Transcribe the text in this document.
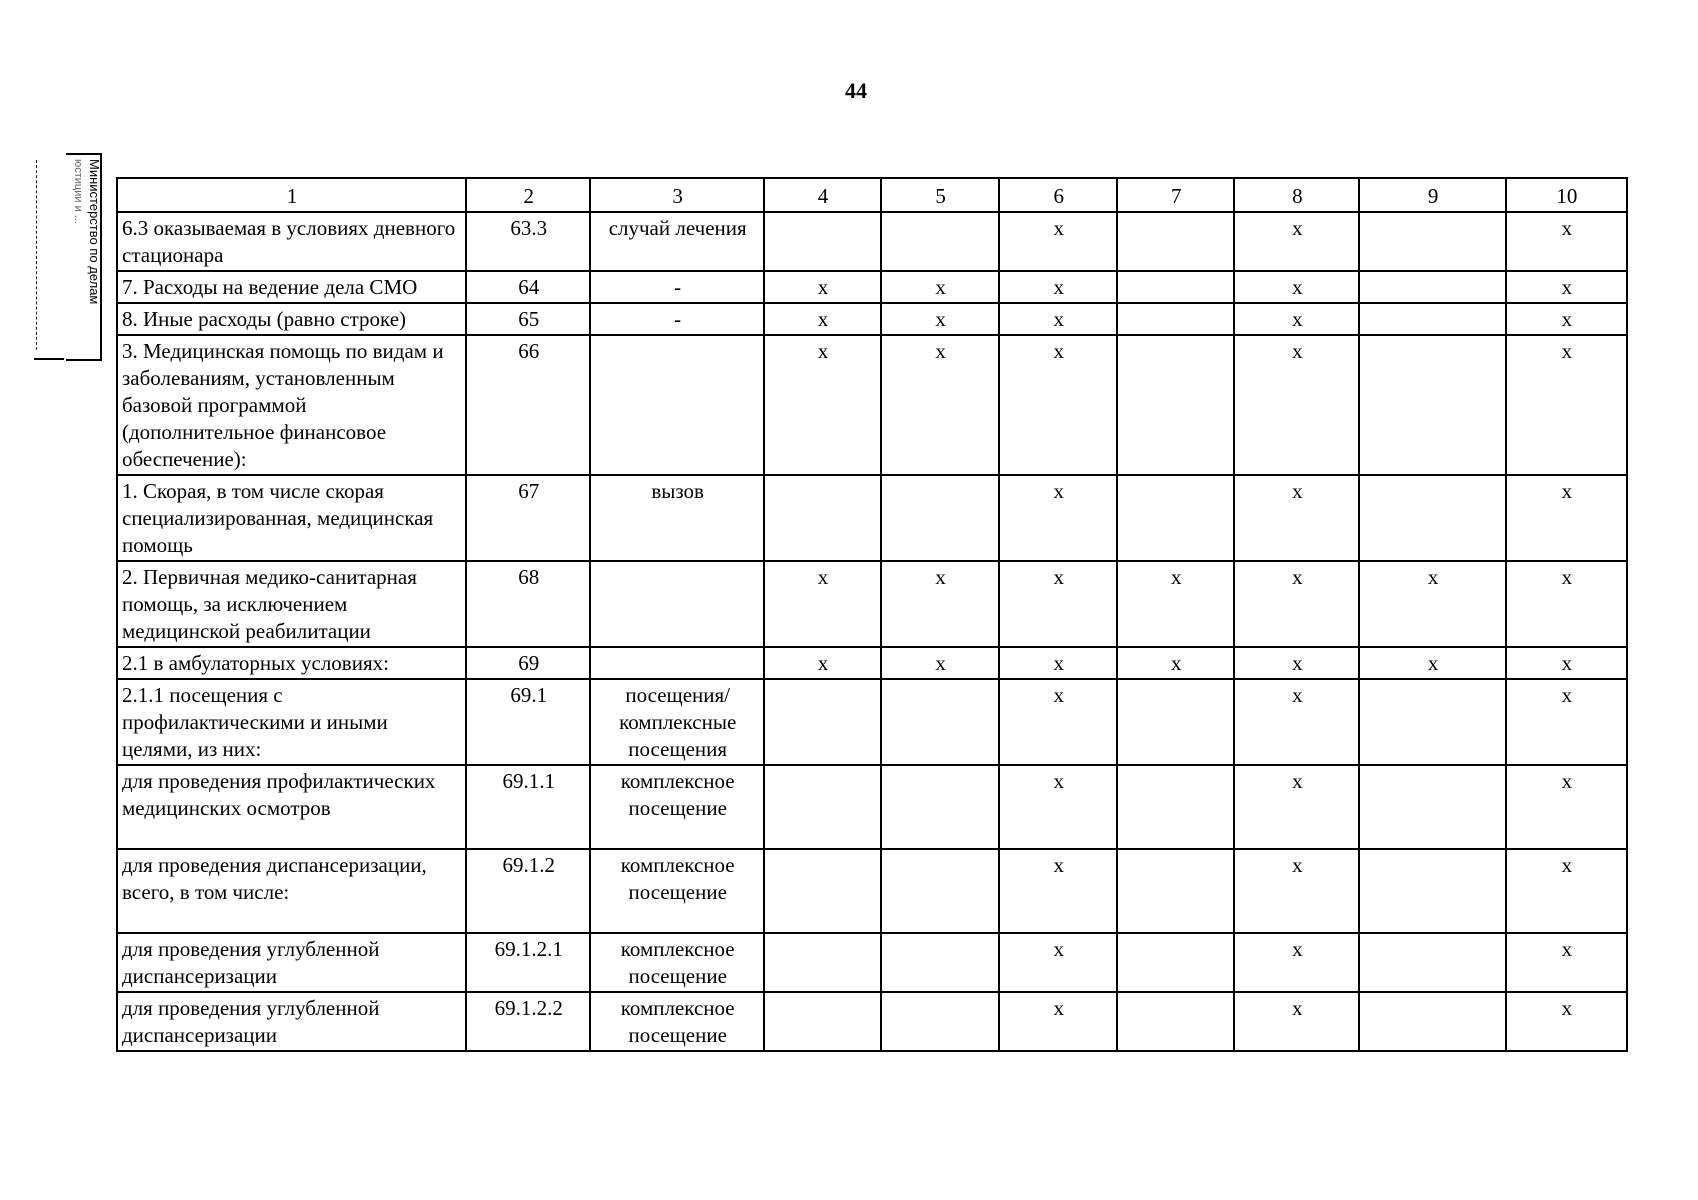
44
Министерство по делам
юстиции и ...	1	2	3	4	5	6	7	8	9	10
6.3 оказываемая в условиях дневного стационара	63.3	случай лечения			x		x		x
7. Расходы на ведение дела СМО	64	-	x	x	x		x		x
8. Иные расходы (равно строке)	65	-	x	x	x		x		x
3. Медицинская помощь по видам и заболеваниям, установленным базовой программой (дополнительное финансовое обеспечение):	66		x	x	x		x		x
1. Скорая, в том числе скорая специализированная, медицинская помощь	67	вызов			x		x		x
2. Первичная медико-санитарная помощь, за исключением медицинской реабилитации	68		x	x	x	x	x	x	x
2.1 в амбулаторных условиях:	69		x	x	x	x	x	x	x
2.1.1 посещения с профилактическими и иными целями, из них:	69.1	посещения/комплексные посещения			x		x		x
для проведения профилактических медицинских осмотров	69.1.1	комплексное посещение			x		x		x
для проведения диспансеризации, всего, в том числе:	69.1.2	комплексное посещение			x		x		x
для проведения углубленной диспансеризации	69.1.2.1	комплексное посещение			x		x		x
для проведения углубленной диспансеризации	69.1.2.2	комплексное посещение			x		x		x
